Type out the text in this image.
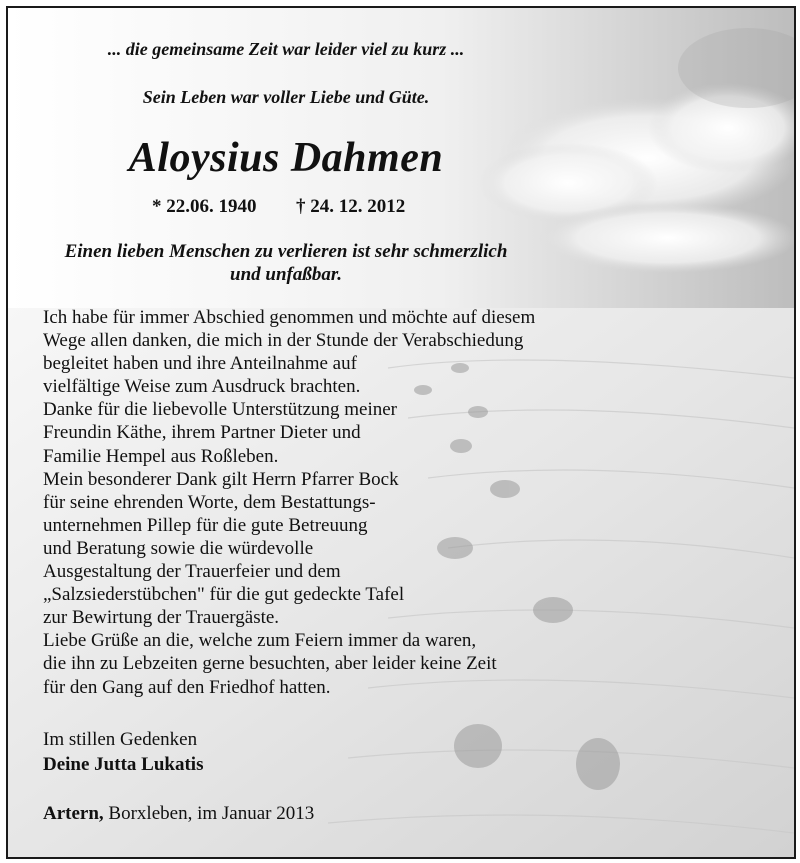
... die gemeinsame Zeit war leider viel zu kurz ...
Sein Leben war voller Liebe und Güte.
Aloysius Dahmen
* 22.06. 1940 † 24. 12. 2012
Einen lieben Menschen zu verlieren ist sehr schmerzlich
und unfaßbar.

Ich habe für immer Abschied genommen und möchte auf diesem
Wege allen danken, die mich in der Stunde der Verabschiedung
begleitet haben und ihre Anteilnahme auf
vielfältige Weise zum Ausdruck brachten.

Danke für die liebevolle Unterstützung meiner
Freundin Käthe, ihrem Partner Dieter und
Familie Hempel aus Roßleben.

Mein besonderer Dank gilt Herrn Pfarrer Bock
für seine ehrenden Worte, dem Bestattungs-
unternehmen Pillep für die gute Betreuung
und Beratung sowie die würdevolle
Ausgestaltung der Trauerfeier und dem
„Salzsiederstübchen" für die gut gedeckte Tafel
zur Bewirtung der Trauergäste.

Liebe Grüße an die, welche zum Feiern immer da waren,
die ihn zu Lebzeiten gerne besuchten, aber leider keine Zeit
für den Gang auf den Friedhof hatten.

Im stillen Gedenken
Deine Jutta Lukatis
Artern, Borxleben, im Januar 2013
